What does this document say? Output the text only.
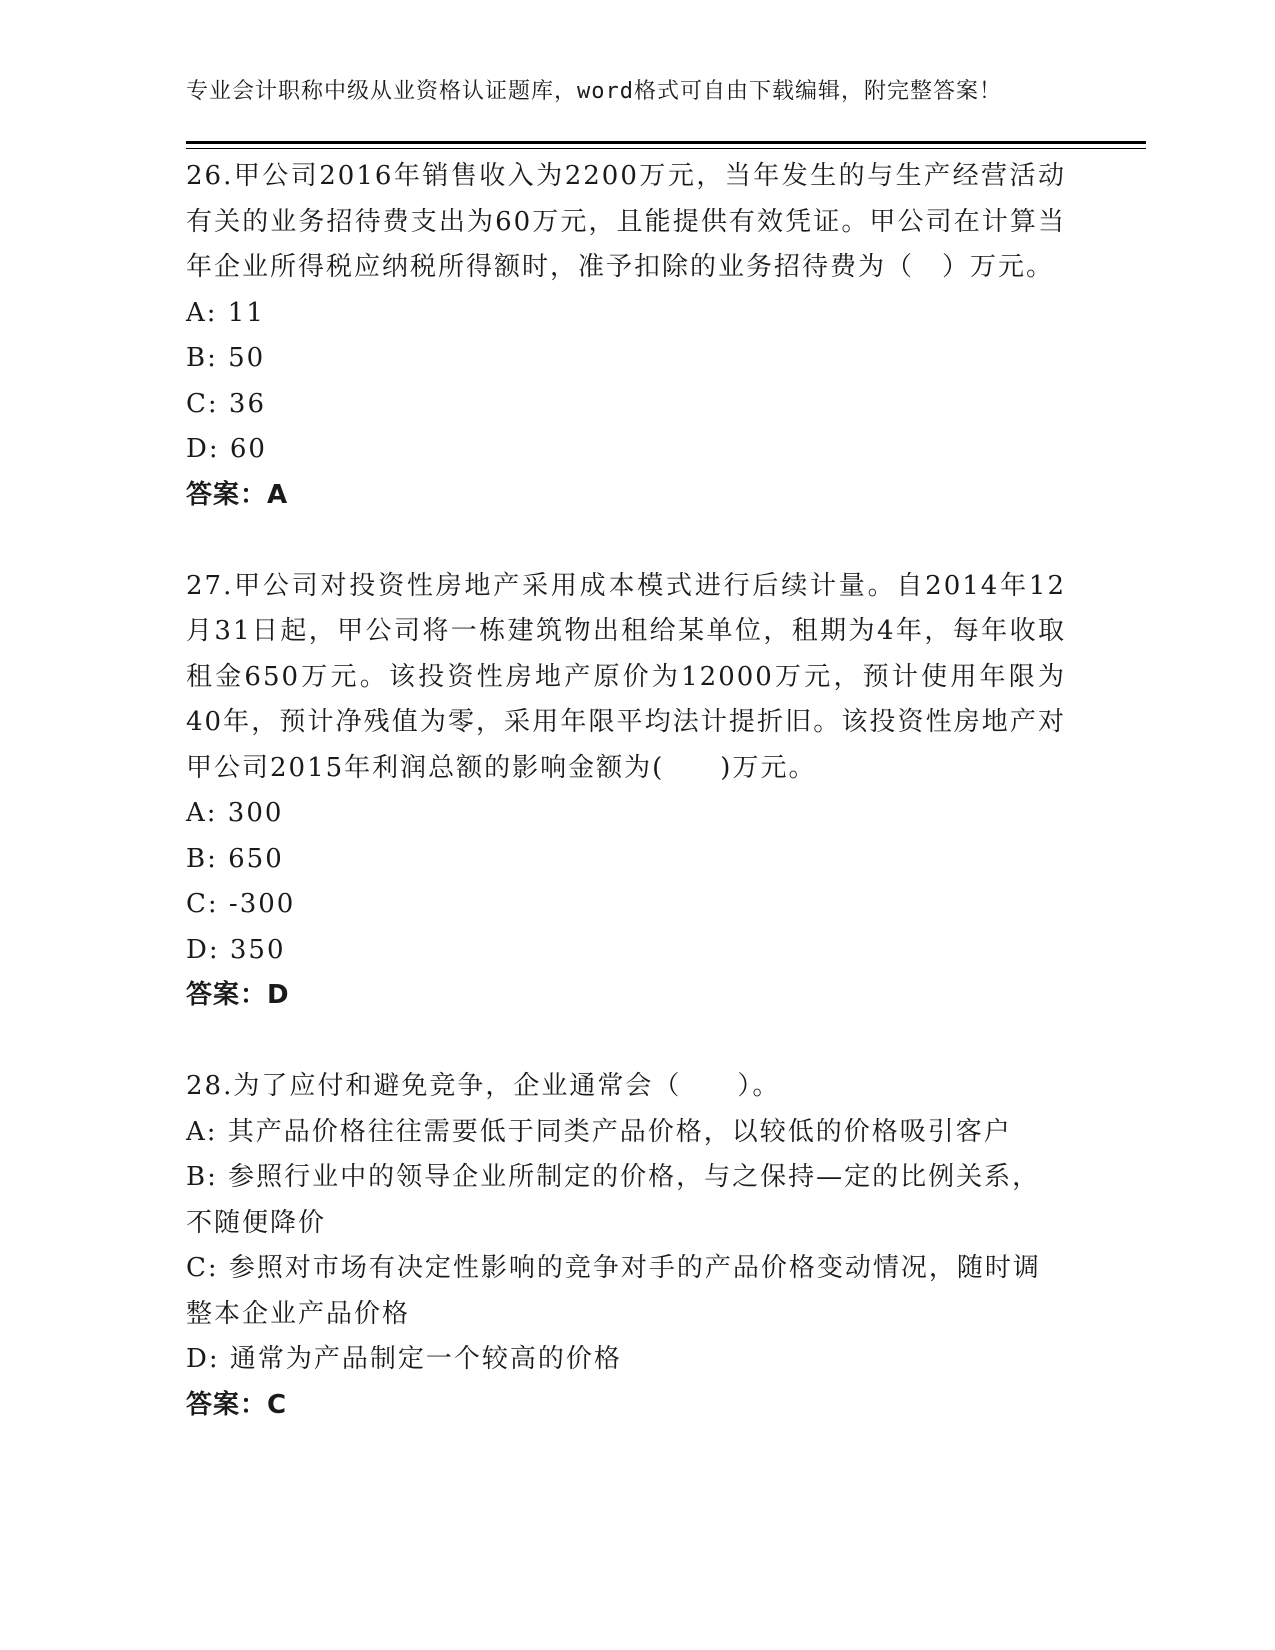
专业会计职称中级从业资格认证题库，word格式可自由下载编辑，附完整答案！

26.甲公司2016年销售收入为2200万元，当年发生的与生产经营活动有关的业务招待费支出为60万元，且能提供有效凭证。甲公司在计算当年企业所得税应纳税所得额时，准予扣除的业务招待费为（　）万元。

A: 11

B: 50

C: 36

D: 60

答案：A

27.甲公司对投资性房地产采用成本模式进行后续计量。自2014年12月31日起，甲公司将一栋建筑物出租给某单位，租期为4年，每年收取租金650万元。该投资性房地产原价为12000万元，预计使用年限为40年，预计净残值为零，采用年限平均法计提折旧。该投资性房地产对甲公司2015年利润总额的影响金额为(　　)万元。

A: 300

B: 650

C: -300

D: 350

答案：D

28.为了应付和避免竞争，企业通常会（　　）。

A: 其产品价格往往需要低于同类产品价格，以较低的价格吸引客户

B: 参照行业中的领导企业所制定的价格，与之保持—定的比例关系，不随便降价

C: 参照对市场有决定性影响的竞争对手的产品价格变动情况，随时调整本企业产品价格

D: 通常为产品制定一个较高的价格

答案：C
